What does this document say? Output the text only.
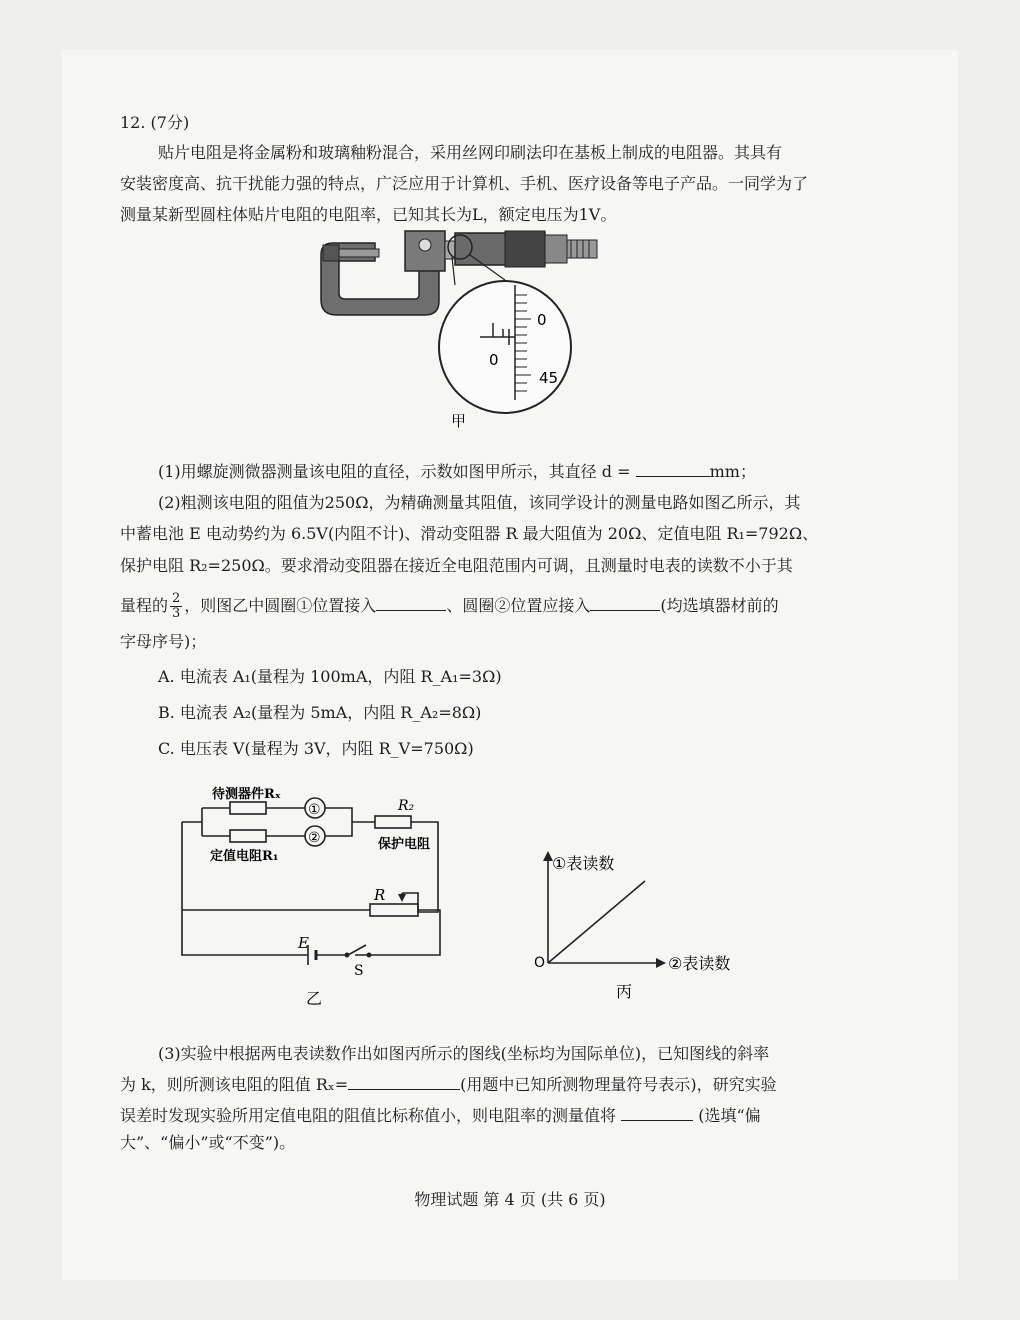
12. (7分)
贴片电阻是将金属粉和玻璃釉粉混合，采用丝网印刷法印在基板上制成的电阻器。其具有
安装密度高、抗干扰能力强的特点，广泛应用于计算机、手机、医疗设备等电子产品。一同学为了
测量某新型圆柱体贴片电阻的电阻率，已知其长为L，额定电压为1V。
0
0
45
甲
(1)用螺旋测微器测量该电阻的直径，示数如图甲所示，其直径 d =	mm；
(2)粗测该电阻的阻值为250Ω，为精确测量其阻值，该同学设计的测量电路如图乙所示，其
中蓄电池 E 电动势约为 6.5V(内阻不计)、滑动变阻器 R 最大阻值为 20Ω、定值电阻 R₁=792Ω、
保护电阻 R₂=250Ω。要求滑动变阻器在接近全电阻范围内可调，且测量时电表的读数不小于其
量程的 $\frac{2}{3}$ ，则图乙中圆圈①位置接入	、圆圈②位置应接入	(均选填器材前的
字母序号)；
A. 电流表 A₁(量程为 100mA，内阻 R_A₁=3Ω)
B. 电流表 A₂(量程为 5mA，内阻 R_A₂=8Ω)
C. 电压表 V(量程为 3V，内阻 R_V=750Ω)
待测器件Rₓ
定值电阻R₁
①
②
R₂
保护电阻
R
E
S
乙
①表读数
②表读数
O
丙
(3)实验中根据两电表读数作出如图丙所示的图线(坐标均为国际单位)，已知图线的斜率
为 k，则所测该电阻的阻值 Rₓ=	(用题中已知所测物理量符号表示)，研究实验
误差时发现实验所用定值电阻的阻值比标称值小，则电阻率的测量值将	(选填“偏
大”、“偏小”或“不变”)。
物理试题 第 4 页 (共 6 页)
